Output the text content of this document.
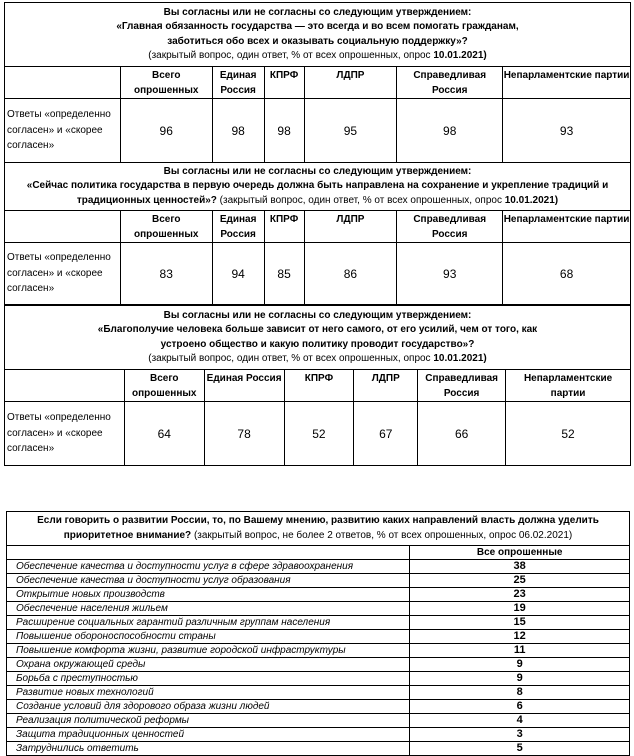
Вы согласны или не согласны со следующим утверждением:
«Главная обязанность государства — это всегда и во всем помогать гражданам, заботиться обо всех и оказывать социальную поддержку»?
(закрытый вопрос, один ответ, % от всех опрошенных, опрос 10.01.2021)						
	Всего опрошенных	Единая Россия	КПРФ	ЛДПР	Справедливая Россия	Непарламентские партии
Ответы «определенно согласен» и «скорее согласен»	96	98	98	95	98	93
Вы согласны или не согласны со следующим утверждением:
«Сейчас политика государства в первую очередь должна быть направлена на сохранение и укрепление традиций и традиционных ценностей»? (закрытый вопрос, один ответ, % от всех опрошенных, опрос 10.01.2021)						
	Всего опрошенных	Единая Россия	КПРФ	ЛДПР	Справедливая Россия	Непарламентские партии
Ответы «определенно согласен» и «скорее согласен»	83	94	85	86	93	68
Вы согласны или не согласны со следующим утверждением:
«Благополучие человека больше зависит от него самого, от его усилий, чем от того, как устроено общество и какую политику проводит государство»?
(закрытый вопрос, один ответ, % от всех опрошенных, опрос 10.01.2021)						
	Всего опрошенных	Единая Россия	КПРФ	ЛДПР	Справедливая Россия	Непарламентские партии
Ответы «определенно согласен» и «скорее согласен»	64	78	52	67	66	52
Если говорить о развитии России, то, по Вашему мнению, развитию каких направлений власть должна уделить приоритетное внимание? (закрытый вопрос, не более 2 ответов, % от всех опрошенных, опрос 06.02.2021)	
	Все опрошенные
Обеспечение качества и доступности услуг в сфере здравоохранения	38
Обеспечение качества и доступности услуг образования	25
Открытие новых производств	23
Обеспечение населения жильем	19
Расширение социальных гарантий различным группам населения	15
Повышение обороноспособности страны	12
Повышение комфорта жизни, развитие городской инфраструктуры	11
Охрана окружающей среды	9
Борьба с преступностью	9
Развитие новых технологий	8
Создание условий для здорового образа жизни людей	6
Реализация политической реформы	4
Защита традиционных ценностей	3
Затруднились ответить	5
